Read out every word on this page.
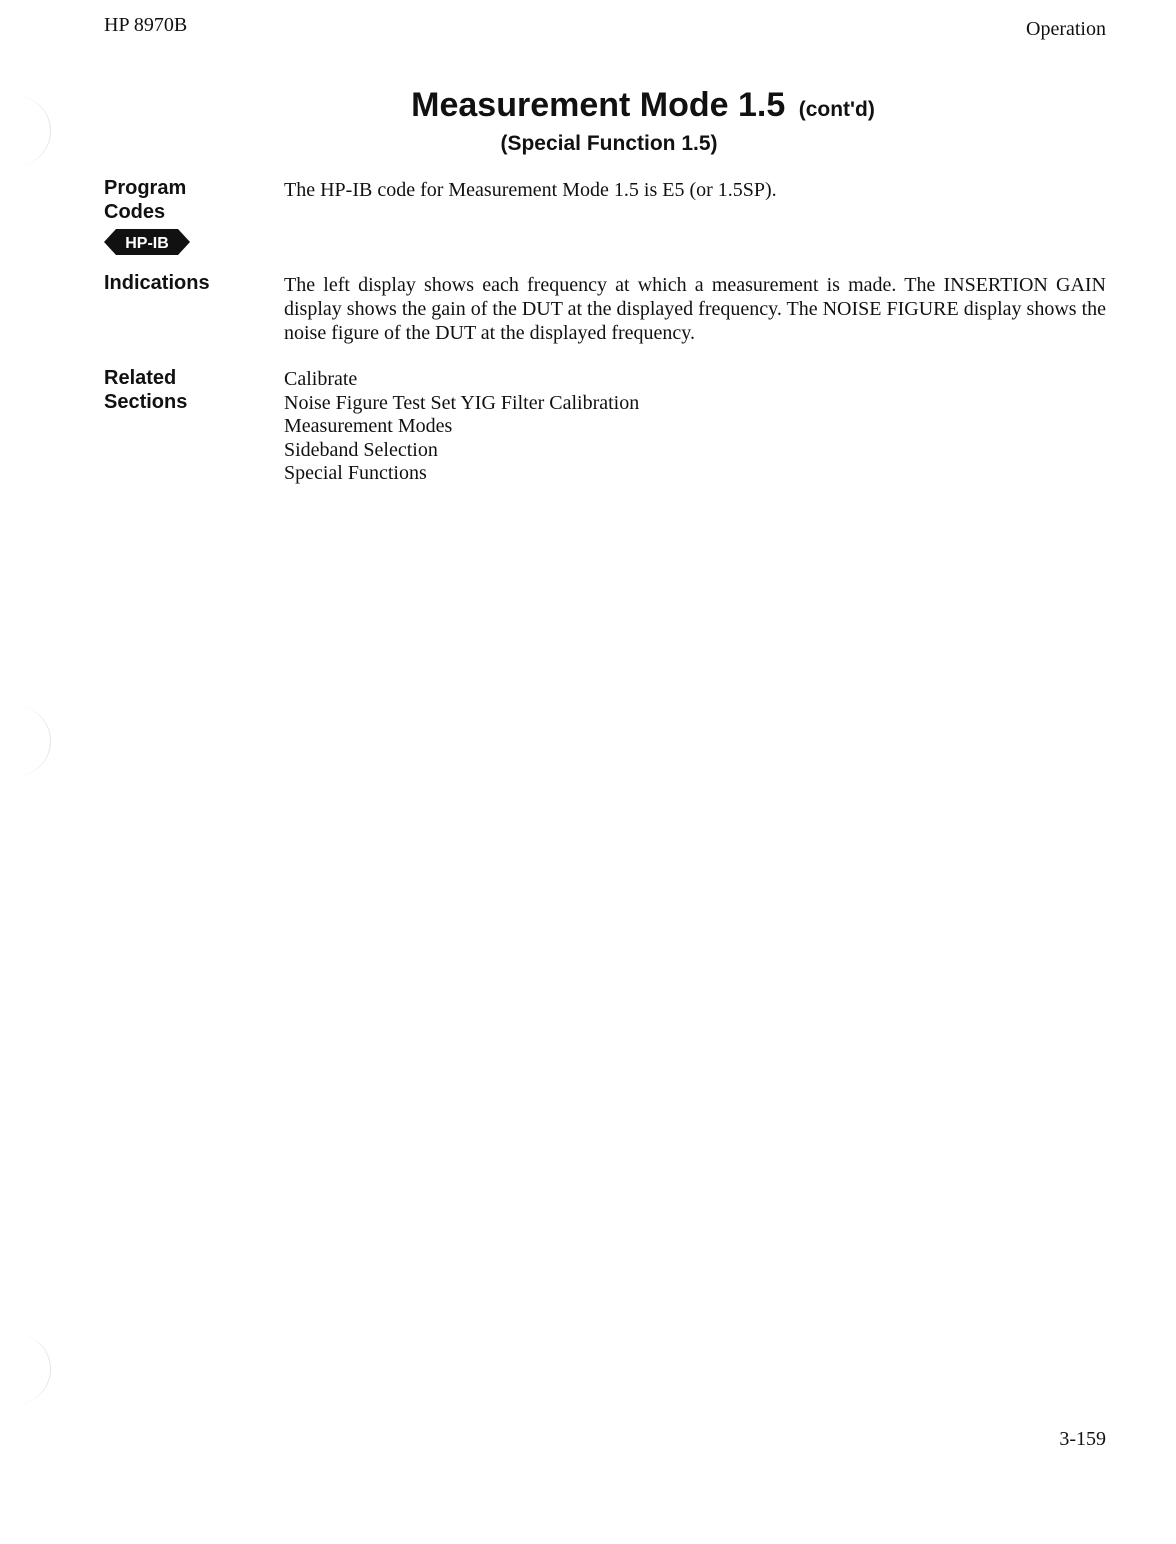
HP 8970B	Operation
Measurement Mode 1.5 (cont'd)
(Special Function 1.5)
Program
Codes
HP-IB
The HP-IB code for Measurement Mode 1.5 is E5 (or 1.5SP).
Indications	The left display shows each frequency at which a measurement is made. The INSERTION GAIN display shows the gain of the DUT at the displayed frequency. The NOISE FIGURE display shows the noise figure of the DUT at the displayed frequency.
Related
Sections
Calibrate
Noise Figure Test Set YIG Filter Calibration
Measurement Modes
Sideband Selection
Special Functions
3-159
